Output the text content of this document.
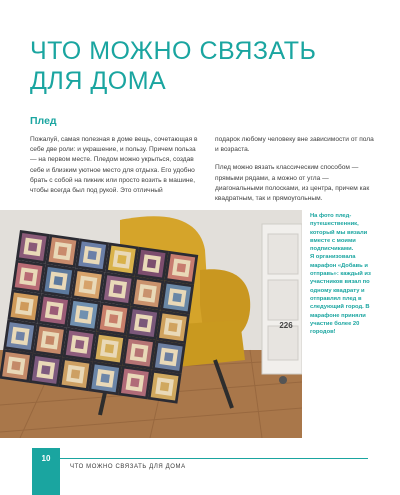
ЧТО МОЖНО СВЯЗАТЬ
ДЛЯ ДОМА
Плед

Пожалуй, самая полезная в доме вещь, сочетающая в себе две роли: и украшение, и пользу. Причем польза — на первом месте. Пледом можно укрыться, создав себе и близким уютное место для отдыха. Его удобно брать с собой на пикник или просто возить в машине, чтобы всегда был под рукой. Это отличный

подарок любому человеку вне зависимости от пола и возраста.

Плед можно вязать классическим способом — прямыми рядами, а можно от угла — диагональными полосками, из центра, причем как квадратным, так и прямоугольным.

226

На фото плед-путешественник, который мы вязали вместе с моими подписчиками.

Я организовала марафон «Добавь и отправь»: каждый из участников вязал по одному квадрату и отправлял плед в следующий город. В марафоне приняли участие более 20 городов!

10
ЧТО МОЖНО СВЯЗАТЬ ДЛЯ ДОМА
